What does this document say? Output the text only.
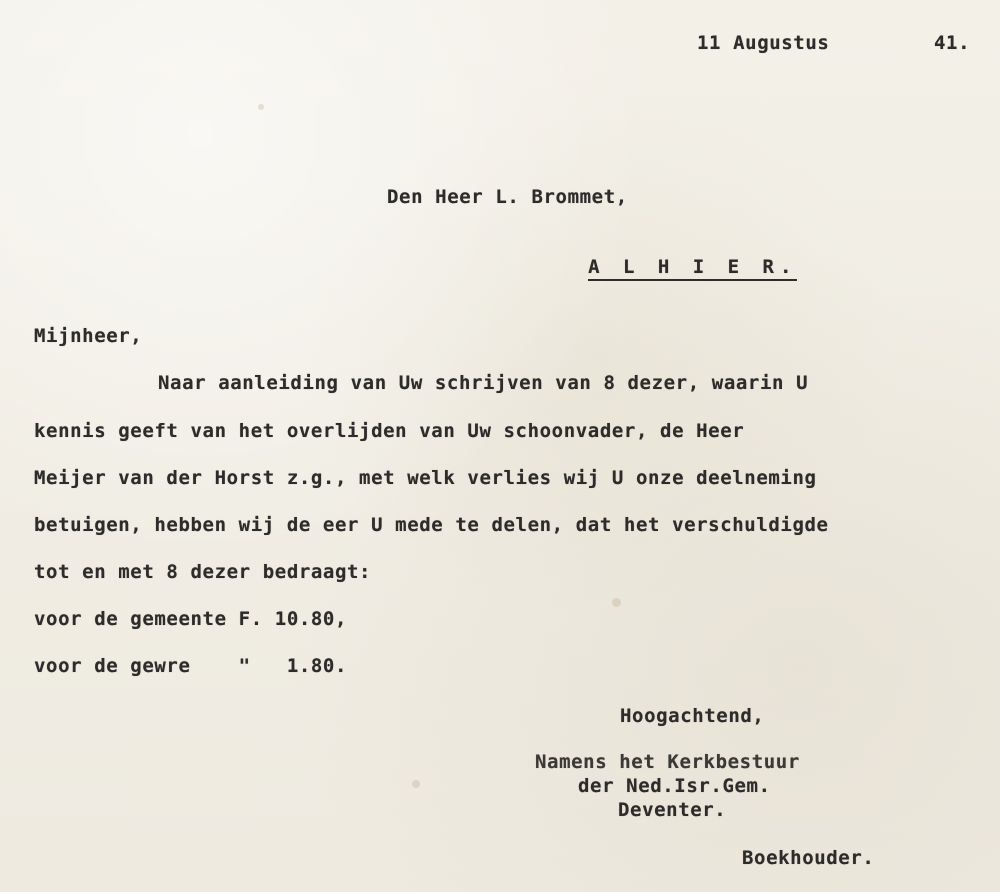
11 Augustus	41.
Den Heer L. Brommet,

A L H I E R.

Mijnheer,
Naar aanleiding van Uw schrijven van 8 dezer, waarin U
kennis geeft van het overlijden van Uw schoonvader, de Heer
Meijer van der Horst z.g., met welk verlies wij U onze deelneming
betuigen, hebben wij de eer U mede te delen, dat het verschuldigde
tot en met 8 dezer bedraagt:
voor de gemeente F. 10.80,
voor de gewre    "   1.80.
Hoogachtend,
Namens het Kerkbestuur
der Ned.Isr.Gem.
Deventer.
Boekhouder.
